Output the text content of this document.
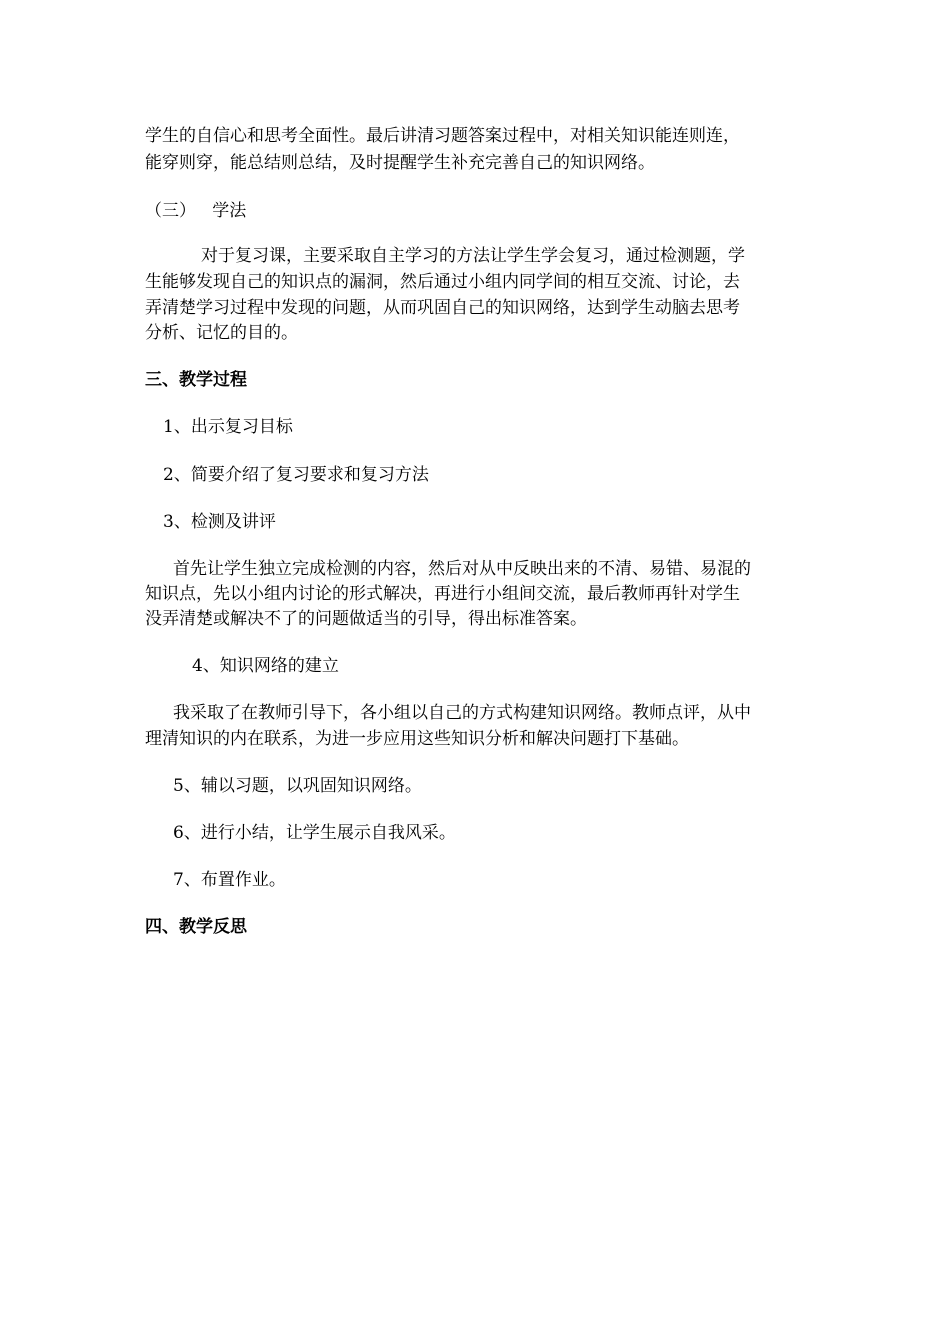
学生的自信心和思考全面性。最后讲清习题答案过程中，对相关知识能连则连，
能穿则穿，能总结则总结，及时提醒学生补充完善自己的知识网络。
（三）   学法
对于复习课，主要采取自主学习的方法让学生学会复习，通过检测题，学
生能够发现自己的知识点的漏洞，然后通过小组内同学间的相互交流、讨论，去
弄清楚学习过程中发现的问题，从而巩固自己的知识网络，达到学生动脑去思考
分析、记忆的目的。
三、教学过程
1、出示复习目标
2、简要介绍了复习要求和复习方法
3、检测及讲评
首先让学生独立完成检测的内容，然后对从中反映出来的不清、易错、易混的
知识点，先以小组内讨论的形式解决，再进行小组间交流，最后教师再针对学生
没弄清楚或解决不了的问题做适当的引导，得出标准答案。
4、知识网络的建立
我采取了在教师引导下，各小组以自己的方式构建知识网络。教师点评，从中
理清知识的内在联系，为进一步应用这些知识分析和解决问题打下基础。
5、辅以习题，以巩固知识网络。
6、进行小结，让学生展示自我风采。
7、布置作业。
四、教学反思
